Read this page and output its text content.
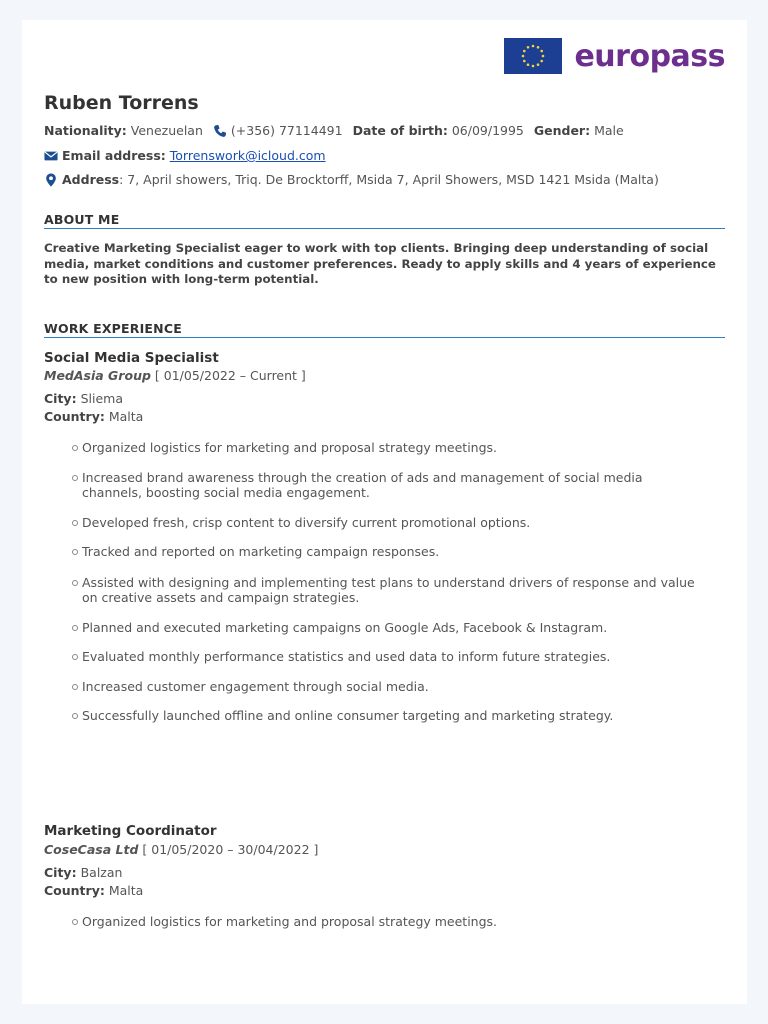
europass
Ruben Torrens
Nationality:
Venezuelan (+356) 77114491 Date of birth:
06/09/1995 Gender:
Male
Email address:
Torrenswork@icloud.com
Address : 7, April showers, Triq. De Brocktorff, Msida 7, April Showers, MSD 1421 Msida (Malta)
ABOUT ME
Creative Marketing Specialist eager to work with top clients. Bringing deep understanding of social media, market conditions and customer preferences. Ready to apply skills and 4 years of experience to new position with long-term potential.
WORK EXPERIENCE
Social Media Specialist
MedAsia Group [ 01/05/2022 – Current ]
City: Sliema
Country: Malta
Organized logistics for marketing and proposal strategy meetings.
Increased brand awareness through the creation of ads and management of social media channels, boosting social media engagement.
Developed fresh, crisp content to diversify current promotional options.
Tracked and reported on marketing campaign responses.
Assisted with designing and implementing test plans to understand drivers of response and value on creative assets and campaign strategies.
Planned and executed marketing campaigns on Google Ads, Facebook & Instagram.
Evaluated monthly performance statistics and used data to inform future strategies.
Increased customer engagement through social media.
Successfully launched offline and online consumer targeting and marketing strategy.
Marketing Coordinator
CoseCasa Ltd [ 01/05/2020 – 30/04/2022 ]
City: Balzan
Country: Malta
Organized logistics for marketing and proposal strategy meetings.
